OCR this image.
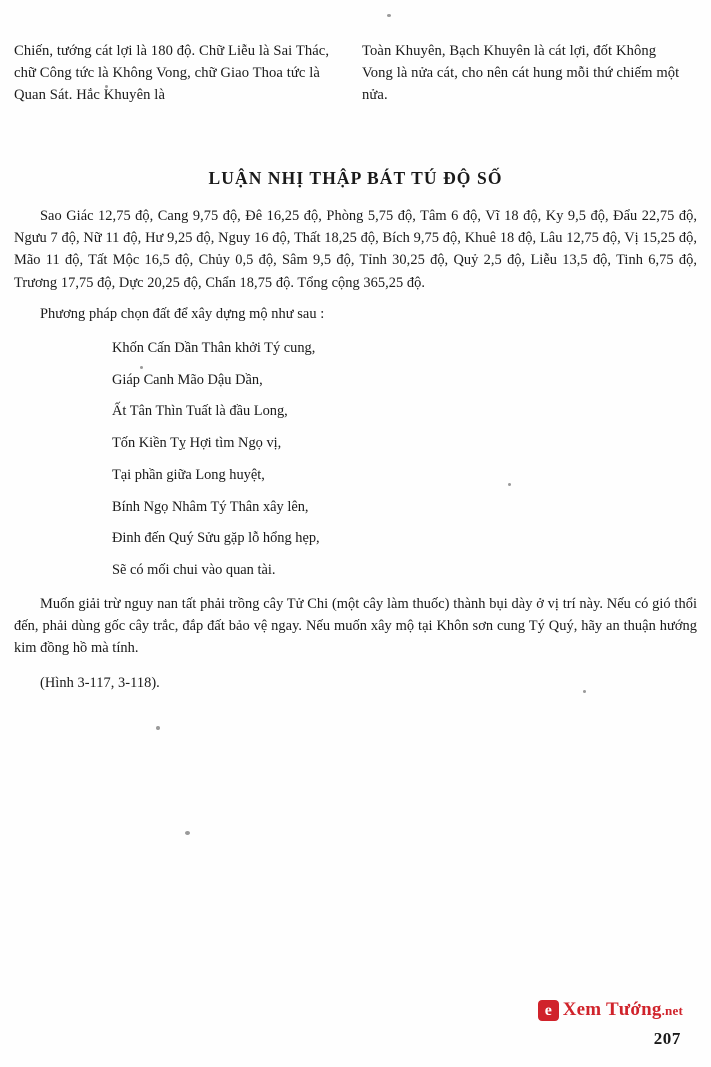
Chiến, tướng cát lợi là 180 độ. Chữ Liễu là Sai Thác, chữ Công tức là Không Vong, chữ Giao Thoa tức là Quan Sát. Hắc Khuyên là

Toàn Khuyên, Bạch Khuyên là cát lợi, đốt Không Vong là nửa cát, cho nên cát hung mỗi thứ chiếm một nửa.

LUẬN NHỊ THẬP BÁT TÚ ĐỘ SỐ

Sao Giác 12,75 độ, Cang 9,75 độ, Đê 16,25 độ, Phòng 5,75 độ, Tâm 6 độ, Vĩ 18 độ, Ky 9,5 độ, Đẩu 22,75 độ, Ngưu 7 độ, Nữ 11 độ, Hư 9,25 độ, Nguy 16 độ, Thất 18,25 độ, Bích 9,75 độ, Khuê 18 độ, Lâu 12,75 độ, Vị 15,25 độ, Mão 11 độ, Tất Mộc 16,5 độ, Chủy 0,5 độ, Sâm 9,5 độ, Tỉnh 30,25 độ, Quỷ 2,5 độ, Liễu 13,5 độ, Tinh 6,75 độ, Trương 17,75 độ, Dực 20,25 độ, Chẩn 18,75 độ. Tổng cộng 365,25 độ.

Phương pháp chọn đất để xây dựng mộ như sau :

Khốn Cấn Dần Thân khởi Tý cung,

Giáp Canh Mão Dậu Dần,

Ất Tân Thìn Tuất là đầu Long,

Tốn Kiền Tỵ Hợi tìm Ngọ vị,

Tại phần giữa Long huyệt,

Bính Ngọ Nhâm Tý Thân xây lên,

Đinh đến Quý Sửu gặp lỗ hổng hẹp,

Sẽ có mối chui vào quan tài.

Muốn giải trừ nguy nan tất phải trồng cây Tử Chi (một cây làm thuốc) thành bụi dày ở vị trí này. Nếu có gió thổi đến, phải dùng gốc cây trắc, đắp đất bảo vệ ngay. Nếu muốn xây mộ tại Khôn sơn cung Tý Quý, hãy an thuận hướng kim đồng hồ mà tính.

(Hình 3-117, 3-118).

e Xem Tướng.net
207
